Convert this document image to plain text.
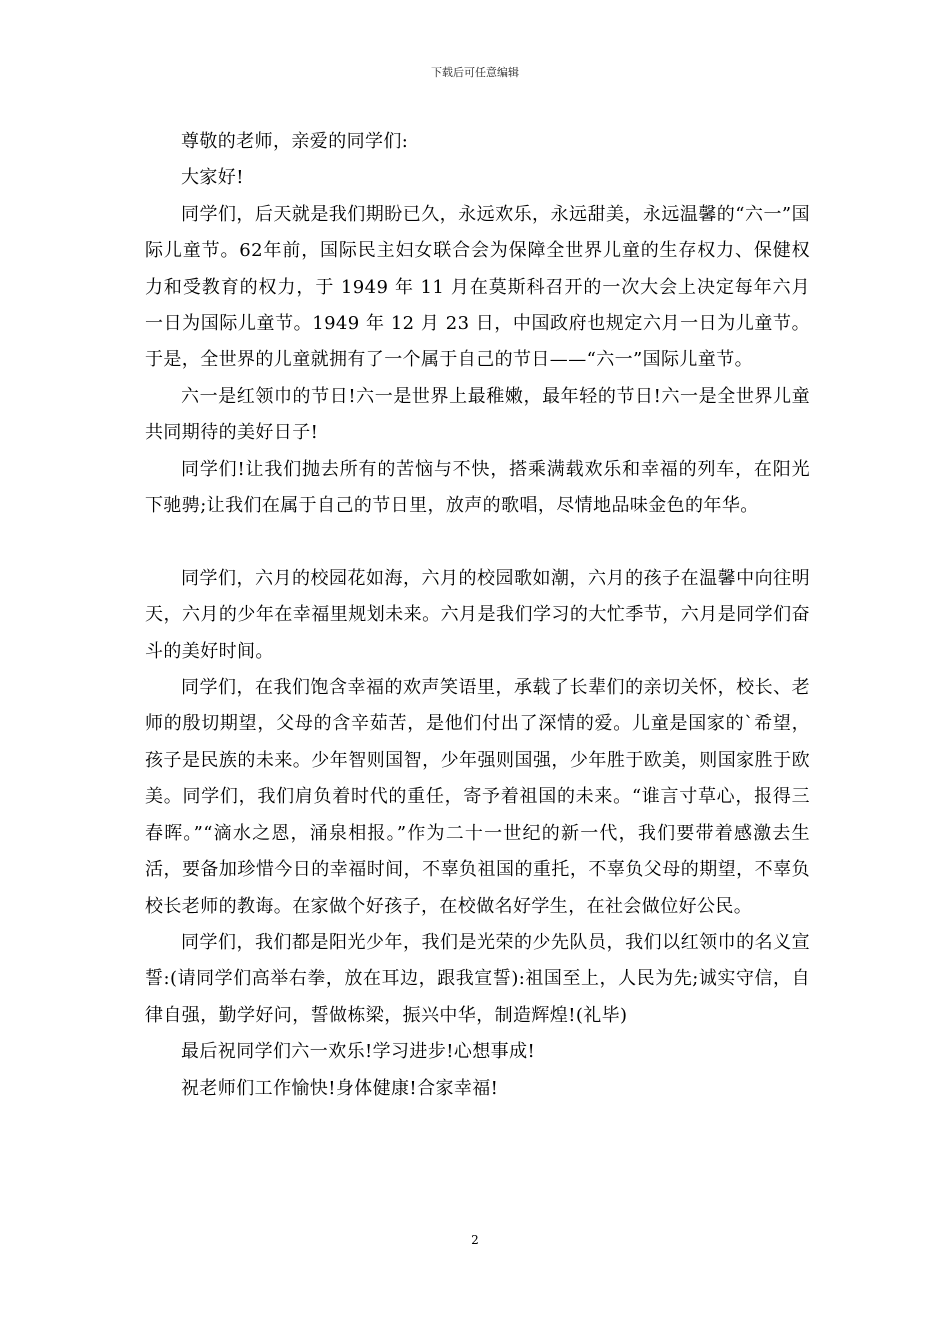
下载后可任意编辑

尊敬的老师，亲爱的同学们:

大家好!

同学们，后天就是我们期盼已久，永远欢乐，永远甜美，永远温馨的“六一”国际儿童节。62年前，国际民主妇女联合会为保障全世界儿童的生存权力、保健权力和受教育的权力，于 1949 年 11 月在莫斯科召开的一次大会上决定每年六月一日为国际儿童节。1949 年 12 月 23 日，中国政府也规定六月一日为儿童节。于是，全世界的儿童就拥有了一个属于自己的节日——“六一”国际儿童节。

六一是红领巾的节日!六一是世界上最稚嫩，最年轻的节日!六一是全世界儿童共同期待的美好日子!

同学们!让我们抛去所有的苦恼与不快，搭乘满载欢乐和幸福的列车，在阳光下驰骋;让我们在属于自己的节日里，放声的歌唱，尽情地品味金色的年华。

同学们，六月的校园花如海，六月的校园歌如潮，六月的孩子在温馨中向往明天，六月的少年在幸福里规划未来。六月是我们学习的大忙季节，六月是同学们奋斗的美好时间。

同学们，在我们饱含幸福的欢声笑语里，承载了长辈们的亲切关怀，校长、老师的殷切期望，父母的含辛茹苦，是他们付出了深情的爱。儿童是国家的`希望，孩子是民族的未来。少年智则国智，少年强则国强，少年胜于欧美，则国家胜于欧美。同学们，我们肩负着时代的重任，寄予着祖国的未来。“谁言寸草心，报得三春晖。”“滴水之恩，涌泉相报。”作为二十一世纪的新一代，我们要带着感激去生活，要备加珍惜今日的幸福时间，不辜负祖国的重托，不辜负父母的期望，不辜负校长老师的教诲。在家做个好孩子，在校做名好学生，在社会做位好公民。

同学们，我们都是阳光少年，我们是光荣的少先队员，我们以红领巾的名义宣誓:(请同学们高举右拳，放在耳边，跟我宣誓):祖国至上，人民为先;诚实守信，自律自强，勤学好问，誓做栋梁，振兴中华，制造辉煌!(礼毕)

最后祝同学们六一欢乐!学习进步!心想事成!

祝老师们工作愉快!身体健康!合家幸福!

2
